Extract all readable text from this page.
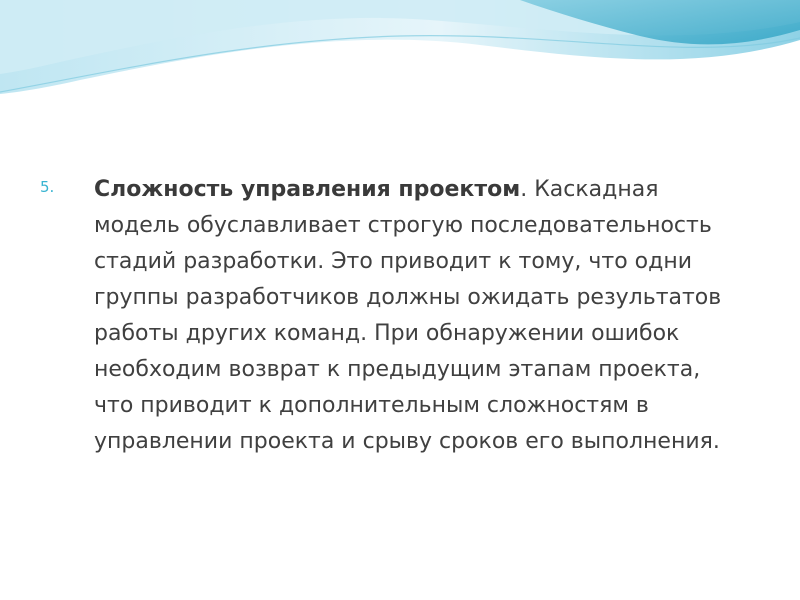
5.	Сложность управления проектом. Каскадная модель обуславливает строгую последовательность стадий разработки. Это приводит к тому, что одни группы разработчиков должны ожидать результатов работы других команд. При обнаружении ошибок необходим возврат к предыдущим этапам проекта, что приводит к дополнительным сложностям в управлении проекта и срыву сроков его выполнения.
